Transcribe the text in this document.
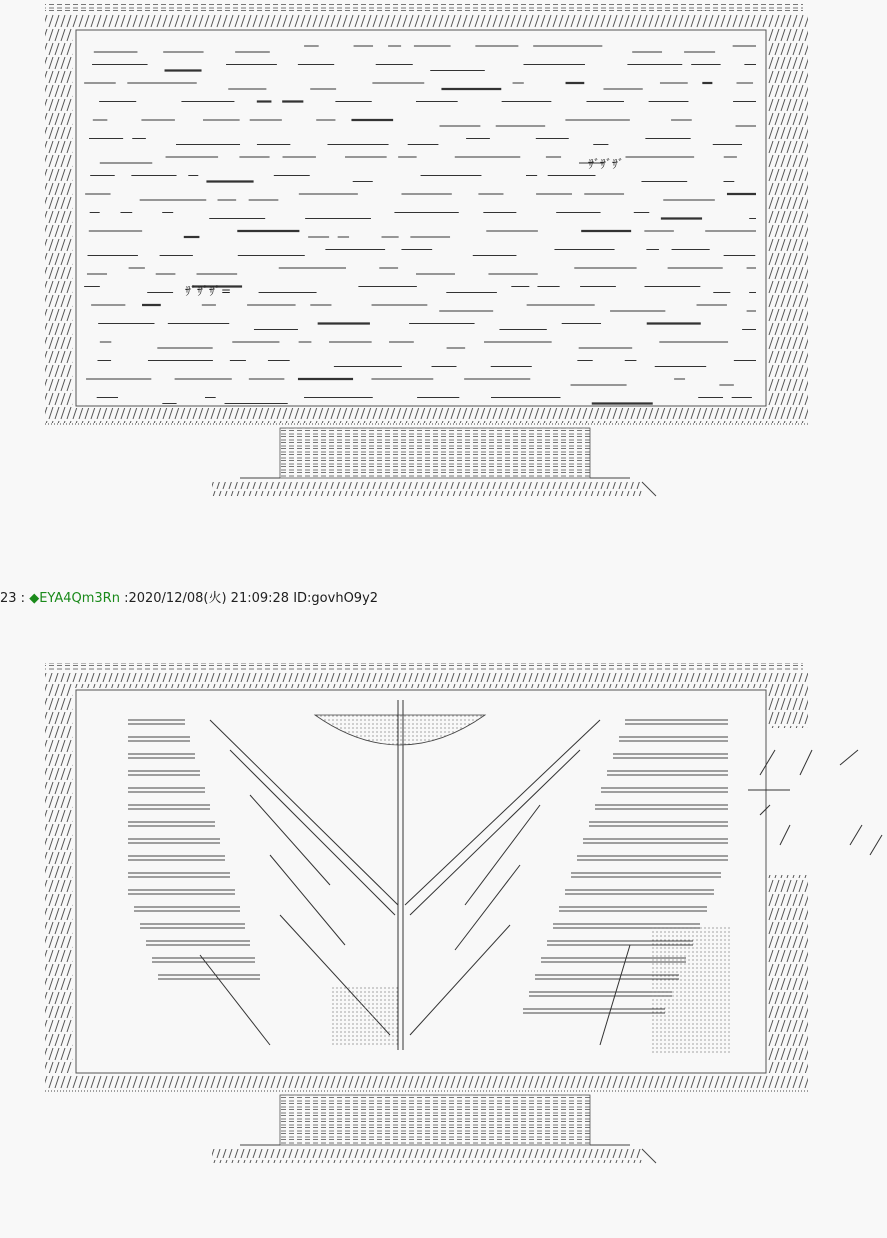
ｻﾞｻﾞｻﾞ
ｻﾞｻﾞｻﾞ=
23 : ◆EYA4Qm3Rn :2020/12/08(火) 21:09:28 ID:govhO9y2
